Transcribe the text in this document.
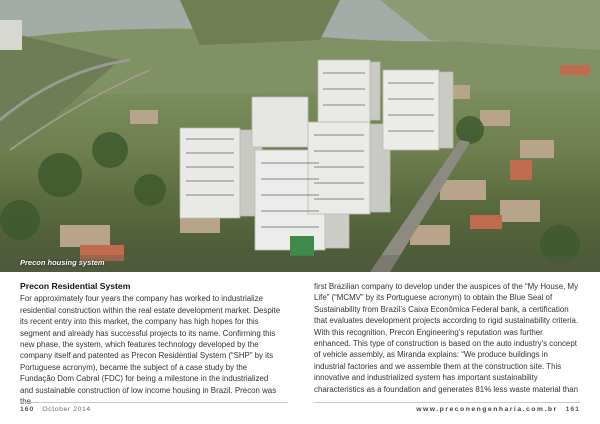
Precon housing system
Precon Residential System

For approximately four years the company has worked to industrialize residential construction within the real estate development market. Despite its recent entry into this market, the company has high hopes for this segment and already has successful projects to its name. Confirming this new phase, the system, which features technology developed by the company itself and patented as Precon Residential System (“SHP” by its Portuguese acronym), became the subject of a case study by the Fundação Dom Cabral (FDC) for being a milestone in the industrialized and sustainable construction of low income housing in Brazil. Precon was the

first Brazilian company to develop under the auspices of the “My House, My Life” (“MCMV” by its Portuguese acronym) to obtain the Blue Seal of Sustainability from Brazil’s Caixa Econômica Federal bank, a certification that evaluates development projects according to rigid sustainability criteria. With this recognition, Precon Engineering’s reputation was further enhanced. This type of construction is based on the auto industry’s concept of vehicle assembly, as Miranda explains: “We produce buildings in industrial factories and we assemble them at the construction site. This innovative and industrialized system has important sustainability characteristics as a foundation and generates 81% less waste material than

160 October 2014	www.preconengenharia.com.br 161
